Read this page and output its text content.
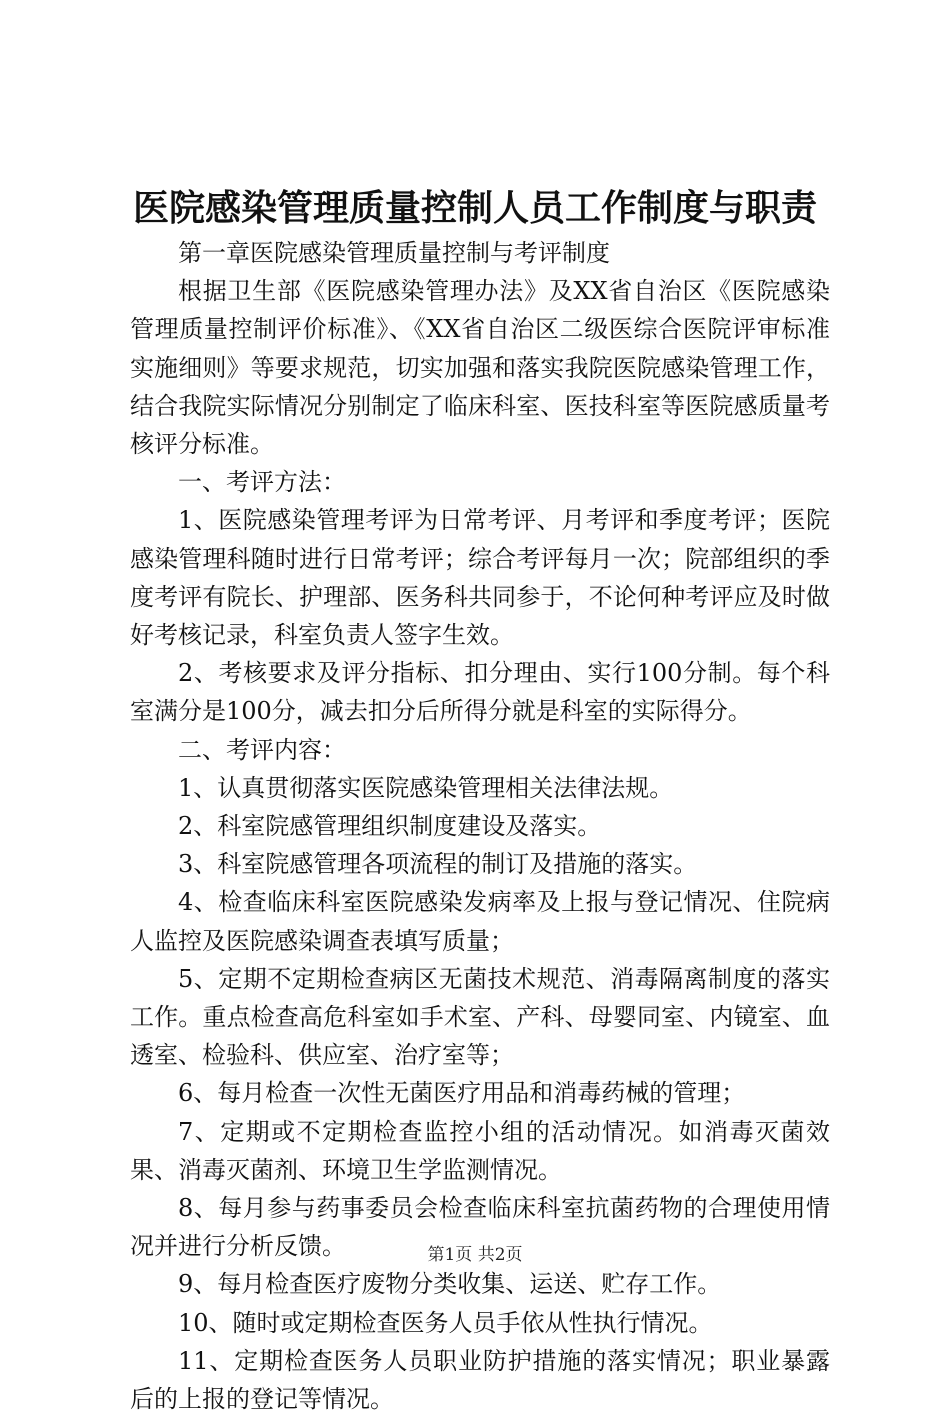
医院感染管理质量控制人员工作制度与职责

第一章医院感染管理质量控制与考评制度

根据卫生部《医院感染管理办法》及XX省自治区《医院感染管理质量控制评价标准》、《XX省自治区二级医综合医院评审标准实施细则》等要求规范，切实加强和落实我院医院感染管理工作，结合我院实际情况分别制定了临床科室、医技科室等医院感质量考核评分标准。

一、考评方法：

1、医院感染管理考评为日常考评、月考评和季度考评；医院感染管理科随时进行日常考评；综合考评每月一次；院部组织的季度考评有院长、护理部、医务科共同参于，不论何种考评应及时做好考核记录，科室负责人签字生效。

2、考核要求及评分指标、扣分理由、实行100分制。每个科室满分是100分，减去扣分后所得分就是科室的实际得分。

二、考评内容：

1、认真贯彻落实医院感染管理相关法律法规。

2、科室院感管理组织制度建设及落实。

3、科室院感管理各项流程的制订及措施的落实。

4、检查临床科室医院感染发病率及上报与登记情况、住院病人监控及医院感染调查表填写质量；

5、定期不定期检查病区无菌技术规范、消毒隔离制度的落实工作。重点检查高危科室如手术室、产科、母婴同室、内镜室、血透室、检验科、供应室、治疗室等；

6、每月检查一次性无菌医疗用品和消毒药械的管理；

7、定期或不定期检查监控小组的活动情况。如消毒灭菌效果、消毒灭菌剂、环境卫生学监测情况。

8、每月参与药事委员会检查临床科室抗菌药物的合理使用情况并进行分析反馈。

9、每月检查医疗废物分类收集、运送、贮存工作。

10、随时或定期检查医务人员手依从性执行情况。

11、定期检查医务人员职业防护措施的落实情况；职业暴露后的上报的登记等情况。

第1页 共2页
